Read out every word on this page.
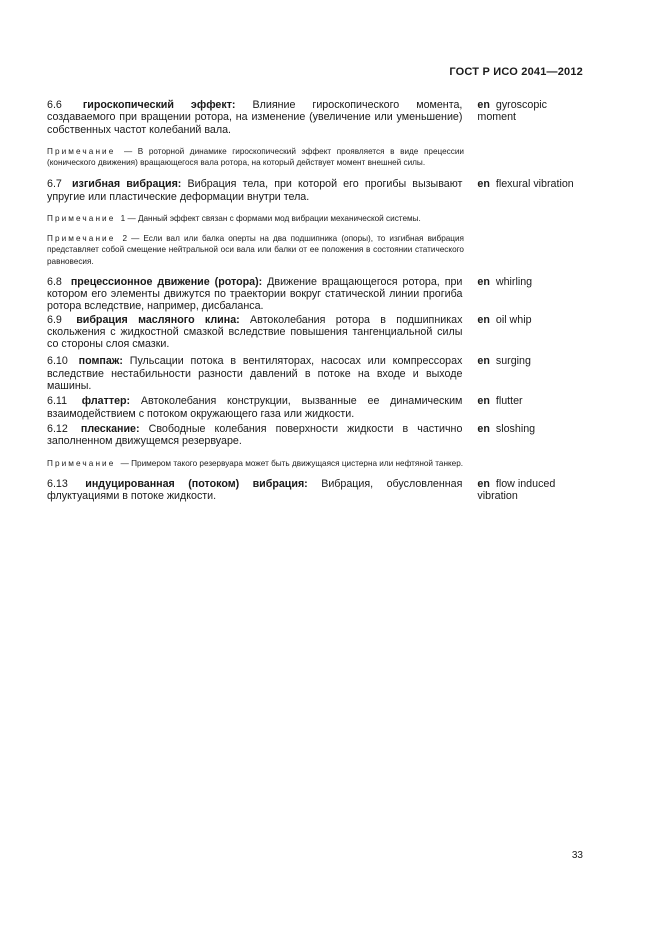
ГОСТ Р ИСО 2041—2012
6.6 гироскопический эффект: Влияние гироскопического момента, создаваемого при вращении ротора, на изменение (увеличение или уменьшение) собственных частот колебаний вала.
en gyroscopic moment
Примечание — В роторной динамике гироскопический эффект проявляется в виде прецессии (конического движения) вращающегося вала ротора, на который действует момент внешней силы.
6.7 изгибная вибрация: Вибрация тела, при которой его прогибы вызывают упругие или пластические деформации внутри тела.
en flexural vibration
Примечание 1 — Данный эффект связан с формами мод вибрации механической системы.
Примечание 2 — Если вал или балка оперты на два подшипника (опоры), то изгибная вибрация представляет собой смещение нейтральной оси вала или балки от ее положения в состоянии статического равновесия.
6.8 прецессионное движение (ротора): Движение вращающегося ротора, при котором его элементы движутся по траектории вокруг статической линии прогиба ротора вследствие, например, дисбаланса.
en whirling
6.9 вибрация масляного клина: Автоколебания ротора в подшипниках скольжения с жидкостной смазкой вследствие повышения тангенциальной силы со стороны слоя смазки.
en oil whip
6.10 помпаж: Пульсации потока в вентиляторах, насосах или компрессорах вследствие нестабильности разности давлений в потоке на входе и выходе машины.
en surging
6.11 флаттер: Автоколебания конструкции, вызванные ее динамическим взаимодействием с потоком окружающего газа или жидкости.
en flutter
6.12 плескание: Свободные колебания поверхности жидкости в частично заполненном движущемся резервуаре.
en sloshing
Примечание — Примером такого резервуара может быть движущаяся цистерна или нефтяной танкер.
6.13 индуцированная (потоком) вибрация: Вибрация, обусловленная флуктуациями в потоке жидкости.
en flow induced vibration
33
